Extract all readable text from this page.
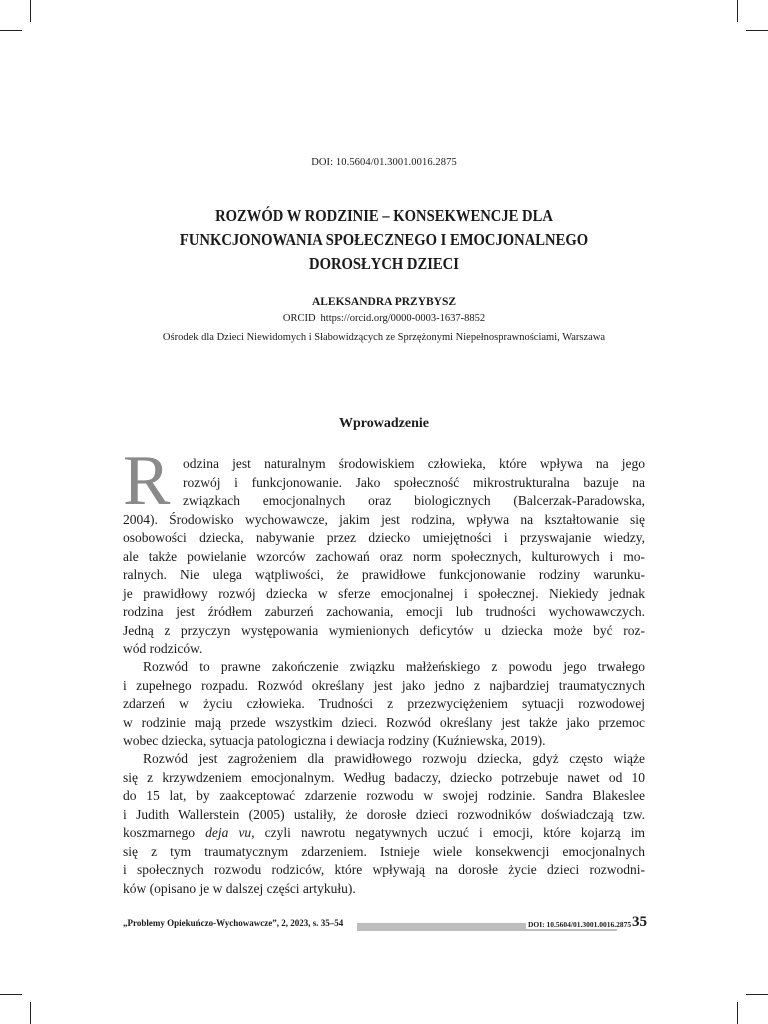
DOI: 10.5604/01.3001.0016.2875
ROZWÓD W RODZINIE – KONSEKWENCJE DLA
FUNKCJONOWANIA SPOŁECZNEGO I EMOCJONALNEGO
DOROSŁYCH DZIECI
ALEKSANDRA PRZYBYSZ
ORCID https://orcid.org/0000-0003-1637-8852
Ośrodek dla Dzieci Niewidomych i Słabowidzących ze Sprzężonymi Niepełnosprawnościami, Warszawa
Wprowadzenie
R odzina jest naturalnym środowiskiem człowieka, które wpływa na jego
rozwój i funkcjonowanie. Jako społeczność mikrostrukturalna bazuje na
związkach emocjonalnych oraz biologicznych (Balcerzak-Paradowska,
2004). Środowisko wychowawcze, jakim jest rodzina, wpływa na kształtowanie się
osobowości dziecka, nabywanie przez dziecko umiejętności i przyswajanie wiedzy,
ale także powielanie wzorców zachowań oraz norm społecznych, kulturowych i mo-
ralnych. Nie ulega wątpliwości, że prawidłowe funkcjonowanie rodziny warunku-
je prawidłowy rozwój dziecka w sferze emocjonalnej i społecznej. Niekiedy jednak
rodzina jest źródłem zaburzeń zachowania, emocji lub trudności wychowawczych.
Jedną z przyczyn występowania wymienionych deficytów u dziecka może być roz-
wód rodziców.
Rozwód to prawne zakończenie związku małżeńskiego z powodu jego trwałego
i zupełnego rozpadu. Rozwód określany jest jako jedno z najbardziej traumatycznych
zdarzeń w życiu człowieka. Trudności z przezwyciężeniem sytuacji rozwodowej
w rodzinie mają przede wszystkim dzieci. Rozwód określany jest także jako przemoc
wobec dziecka, sytuacja patologiczna i dewiacja rodziny (Kuźniewska, 2019).
Rozwód jest zagrożeniem dla prawidłowego rozwoju dziecka, gdyż często wiąże
się z krzywdzeniem emocjonalnym. Według badaczy, dziecko potrzebuje nawet od 10
do 15 lat, by zaakceptować zdarzenie rozwodu w swojej rodzinie. Sandra Blakeslee
i Judith Wallerstein (2005) ustaliły, że dorosłe dzieci rozwodników doświadczają tzw.
koszmarnego deja vu, czyli nawrotu negatywnych uczuć i emocji, które kojarzą im
się z tym traumatycznym zdarzeniem. Istnieje wiele konsekwencji emocjonalnych
i społecznych rozwodu rodziców, które wpływają na dorosłe życie dzieci rozwodni-
ków (opisano je w dalszej części artykułu).
„Problemy Opiekuńczo-Wychowawcze”, 2, 2023, s. 35–54	DOI: 10.5604/01.3001.0016.2875 35
